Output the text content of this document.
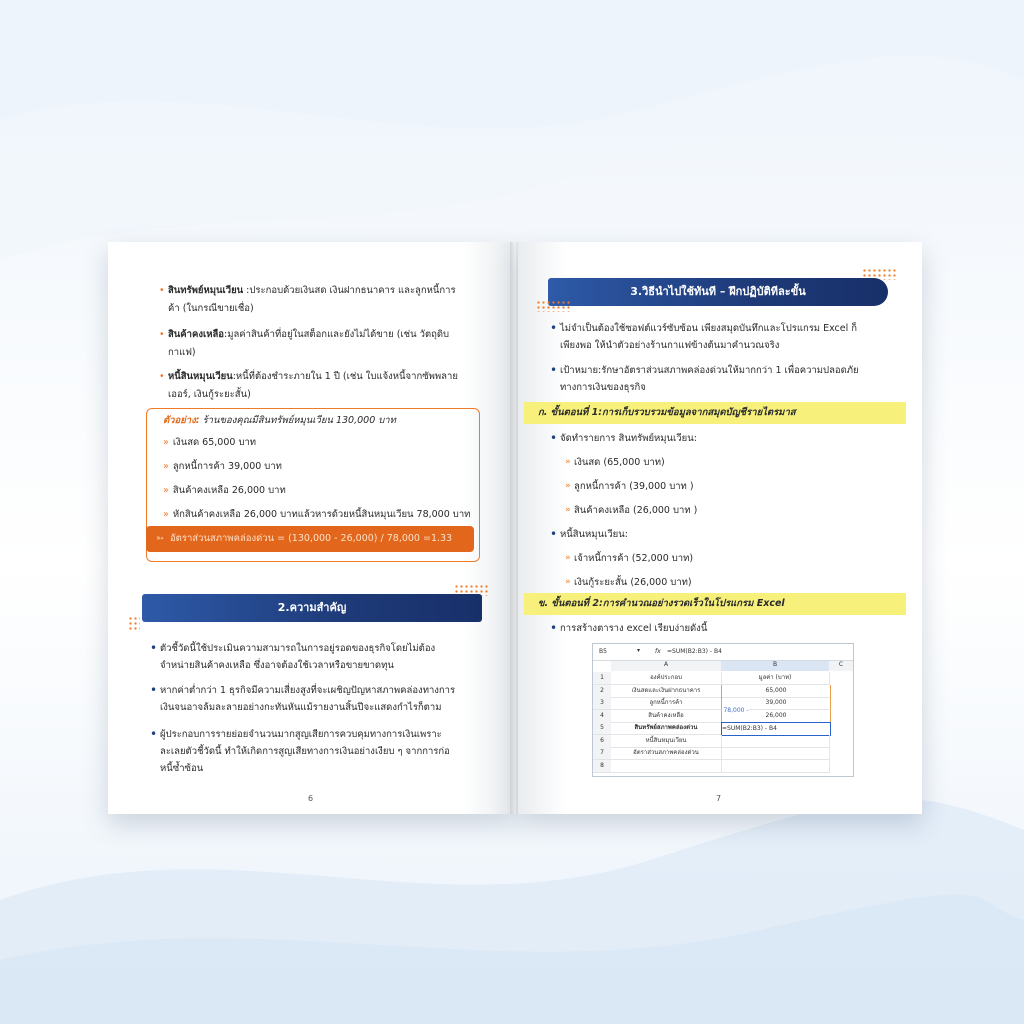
• สินทรัพย์หมุนเวียน :ประกอบด้วยเงินสด เงินฝากธนาคาร และลูกหนี้การ
ค้า (ในกรณีขายเชื่อ)
• สินค้าคงเหลือ:มูลค่าสินค้าที่อยู่ในสต็อกและยังไม่ได้ขาย (เช่น วัตถุดิบ
กาแฟ)
• หนี้สินหมุนเวียน:หนี้ที่ต้องชำระภายใน 1 ปี (เช่น ใบแจ้งหนี้จากซัพพลาย
เออร์, เงินกู้ระยะสั้น)
ตัวอย่าง: ร้านของคุณมีสินทรัพย์หมุนเวียน 130,000 บาท
» เงินสด 65,000 บาท
» ลูกหนี้การค้า 39,000 บาท
» สินค้าคงเหลือ 26,000 บาท
» หักสินค้าคงเหลือ 26,000 บาทแล้วหารด้วยหนี้สินหมุนเวียน 78,000 บาท
➳ อัตราส่วนสภาพคล่องด่วน = (130,000 - 26,000) / 78,000 =1.33
2.ความสำคัญ
• ตัวชี้วัดนี้ใช้ประเมินความสามารถในการอยู่รอดของธุรกิจโดยไม่ต้อง
จำหน่ายสินค้าคงเหลือ ซึ่งอาจต้องใช้เวลาหรือขายขาดทุน
• หากค่าต่ำกว่า 1 ธุรกิจมีความเสี่ยงสูงที่จะเผชิญปัญหาสภาพคล่องทางการ
เงินจนอาจล้มละลายอย่างกะทันหันแม้รายงานสิ้นปีจะแสดงกำไรก็ตาม
• ผู้ประกอบการรายย่อยจำนวนมากสูญเสียการควบคุมทางการเงินเพราะ
ละเลยตัวชี้วัดนี้ ทำให้เกิดการสูญเสียทางการเงินอย่างเงียบ ๆ จากการก่อ
หนี้ซ้ำซ้อน
6
3.วิธีนำไปใช้ทันที – ฝึกปฏิบัติทีละขั้น
• ไม่จำเป็นต้องใช้ซอฟต์แวร์ซับซ้อน เพียงสมุดบันทึกและโปรแกรม Excel ก็
เพียงพอ ให้นำตัวอย่างร้านกาแฟข้างต้นมาคำนวณจริง
• เป้าหมาย:รักษาอัตราส่วนสภาพคล่องด่วนให้มากกว่า 1 เพื่อความปลอดภัย
ทางการเงินของธุรกิจ
ก. ขั้นตอนที่ 1:การเก็บรวบรวมข้อมูลจากสมุดบัญชีรายไตรมาส
• จัดทำรายการ สินทรัพย์หมุนเวียน:
» เงินสด (65,000 บาท)
» ลูกหนี้การค้า (39,000 บาท )
» สินค้าคงเหลือ (26,000 บาท )
• หนี้สินหมุนเวียน:
» เจ้าหนี้การค้า (52,000 บาท)
» เงินกู้ระยะสั้น (26,000 บาท)
ข. ขั้นตอนที่ 2:การคำนวณอย่างรวดเร็วในโปรแกรม Excel
• การสร้างตาราง excel เรียบง่ายดังนี้
B5	▾ fx =SUM(B2:B3) - B4
A	B	C
1	องค์ประกอบ	มูลค่า (บาท)
2	เงินสดและเงินฝากธนาคาร	65,000
3	ลูกหนี้การค้า	39,000
4	สินค้าคงเหลือ	26,000
5	สินทรัพย์สภาพคล่องด่วน	=SUM(B2:B3) - B4
6	หนี้สินหมุนเวียน
7	อัตราส่วนสภาพคล่องด่วน
8
78,000 -
7
